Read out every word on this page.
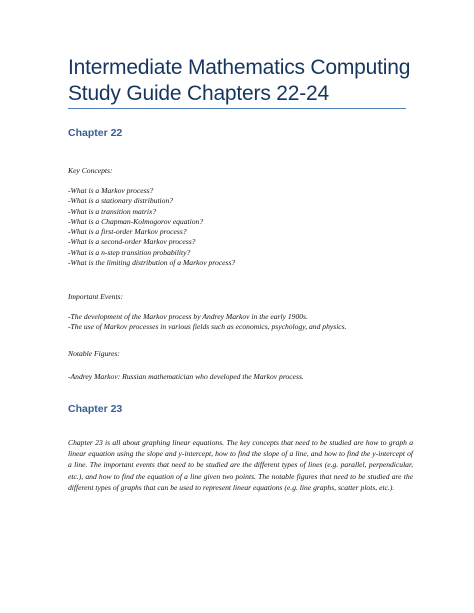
Intermediate Mathematics Computing
Study Guide Chapters 22-24
Chapter 22
Key Concepts:
-What is a Markov process?
-What is a stationary distribution?
-What is a transition matrix?
-What is a Chapman-Kolmogorov equation?
-What is a first-order Markov process?
-What is a second-order Markov process?
-What is a n-step transition probability?
-What is the limiting distribution of a Markov process?
Important Events:
-The development of the Markov process by Andrey Markov in the early 1900s.
-The use of Markov processes in various fields such as economics, psychology, and physics.
Notable Figures:
-Andrey Markov: Russian mathematician who developed the Markov process.
Chapter 23
Chapter 23 is all about graphing linear equations. The key concepts that need to be studied are how to graph a linear equation using the slope and y-intercept, how to find the slope of a line, and how to find the y-intercept of a line. The important events that need to be studied are the different types of lines (e.g. parallel, perpendicular, etc.), and how to find the equation of a line given two points. The notable figures that need to be studied are the different types of graphs that can be used to represent linear equations (e.g. line graphs, scatter plots, etc.).
